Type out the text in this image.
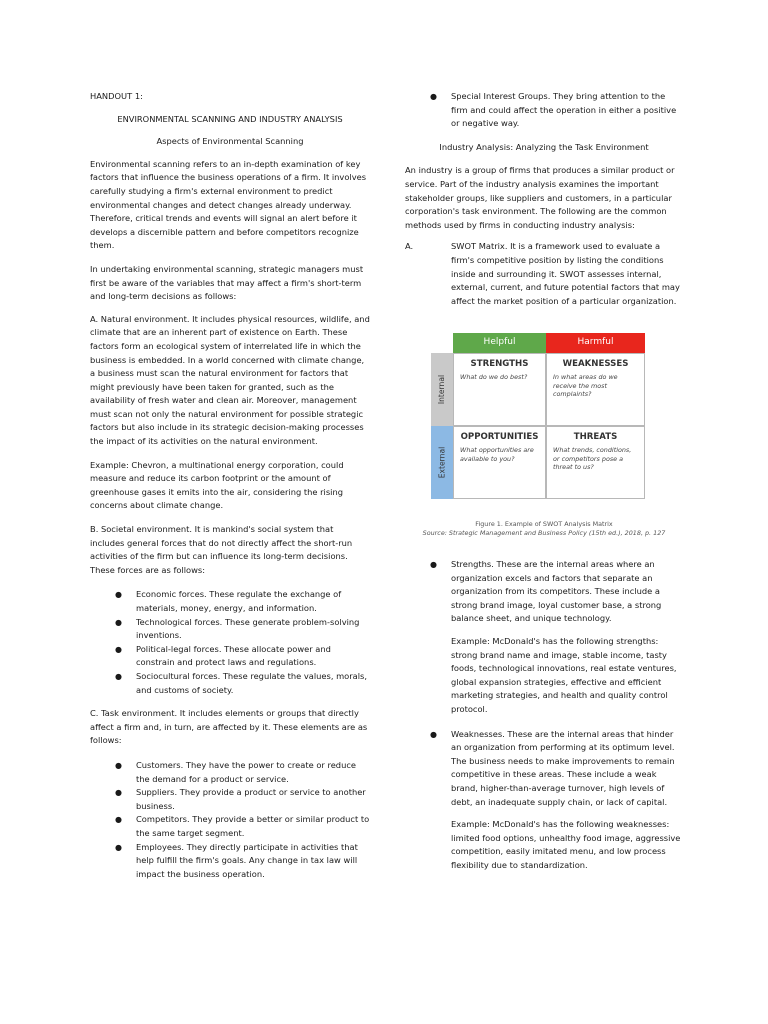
HANDOUT 1:

ENVIRONMENTAL SCANNING AND INDUSTRY ANALYSIS

Aspects of Environmental Scanning

Environmental scanning refers to an in-depth examination of key factors that influence the business operations of a firm. It involves carefully studying a firm's external environment to predict environmental changes and detect changes already underway. Therefore, critical trends and events will signal an alert before it develops a discernible pattern and before competitors recognize them.

In undertaking environmental scanning, strategic managers must first be aware of the variables that may affect a firm's short-term and long-term decisions as follows:

A. Natural environment. It includes physical resources, wildlife, and climate that are an inherent part of existence on Earth. These factors form an ecological system of interrelated life in which the business is embedded. In a world concerned with climate change, a business must scan the natural environment for factors that might previously have been taken for granted, such as the availability of fresh water and clean air. Moreover, management must scan not only the natural environment for possible strategic factors but also include in its strategic decision-making processes the impact of its activities on the natural environment.

Example: Chevron, a multinational energy corporation, could measure and reduce its carbon footprint or the amount of greenhouse gases it emits into the air, considering the rising concerns about climate change.

B. Societal environment. It is mankind's social system that includes general forces that do not directly affect the short-run activities of the firm but can influence its long-term decisions. These forces are as follows:

● Economic forces. These regulate the exchange of materials, money, energy, and information.
● Technological forces. These generate problem-solving inventions.
● Political-legal forces. These allocate power and constrain and protect laws and regulations.
● Sociocultural forces. These regulate the values, morals, and customs of society.

C. Task environment. It includes elements or groups that directly affect a firm and, in turn, are affected by it. These elements are as follows:

● Customers. They have the power to create or reduce the demand for a product or service.
● Suppliers. They provide a product or service to another business.
● Competitors. They provide a better or similar product to the same target segment.
● Employees. They directly participate in activities that help fulfill the firm's goals. Any change in tax law will impact the business operation.
● Special Interest Groups. They bring attention to the firm and could affect the operation in either a positive or negative way.

Industry Analysis: Analyzing the Task Environment

An industry is a group of firms that produces a similar product or service. Part of the industry analysis examines the important stakeholder groups, like suppliers and customers, in a particular corporation's task environment. The following are the common methods used by firms in conducting industry analysis:

A.	SWOT Matrix. It is a framework used to evaluate a firm's competitive position by listing the conditions inside and surrounding it. SWOT assesses internal, external, current, and future potential factors that may affect the market position of a particular organization.

Helpful	Harmful
Internal
External
STRENGTHS
What do we do best?
WEAKNESSES
In what areas do we receive the most complaints?
OPPORTUNITIES
What opportunities are available to you?
THREATS
What trends, conditions, or competitors pose a threat to us?
Figure 1. Example of SWOT Analysis Matrix
Source: Strategic Management and Business Policy (15th ed.), 2018, p. 127
● Strengths. These are the internal areas where an organization excels and factors that separate an organization from its competitors. These include a strong brand image, loyal customer base, a strong balance sheet, and unique technology.

Example: McDonald's has the following strengths: strong brand name and image, stable income, tasty foods, technological innovations, real estate ventures, global expansion strategies, effective and efficient marketing strategies, and health and quality control protocol.

● Weaknesses. These are the internal areas that hinder an organization from performing at its optimum level. The business needs to make improvements to remain competitive in these areas. These include a weak brand, higher-than-average turnover, high levels of debt, an inadequate supply chain, or lack of capital.

Example: McDonald's has the following weaknesses: limited food options, unhealthy food image, aggressive competition, easily imitated menu, and low process flexibility due to standardization.
